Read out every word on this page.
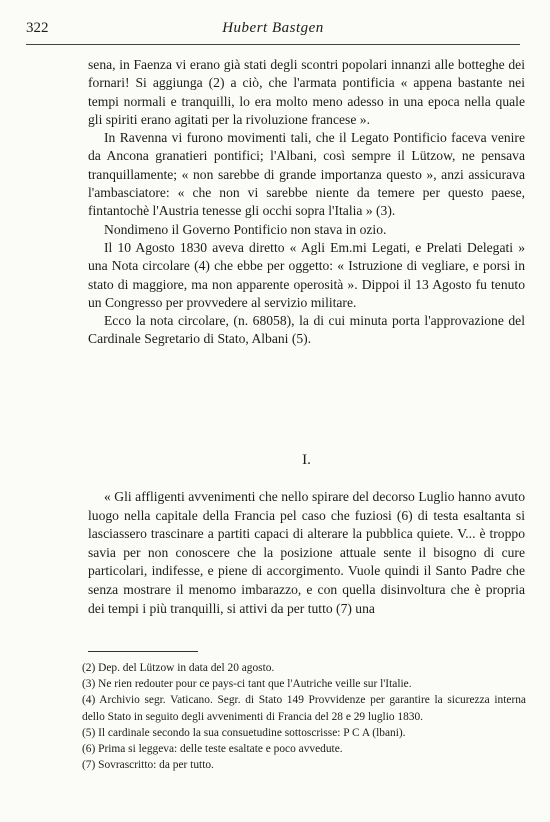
322	Hubert Bastgen

sena, in Faenza vi erano già stati degli scontri popolari innanzi alle botteghe dei fornari! Si aggiunga (2) a ciò, che l'armata pontificia « appena bastante nei tempi normali e tranquilli, lo era molto meno adesso in una epoca nella quale gli spiriti erano agitati per la rivoluzione francese ».

In Ravenna vi furono movimenti tali, che il Legato Pontificio faceva venire da Ancona granatieri pontifici; l'Albani, così sempre il Lützow, ne pensava tranquillamente; « non sarebbe di grande importanza questo », anzi assicurava l'ambasciatore: « che non vi sarebbe niente da temere per questo paese, fintantochè l'Austria tenesse gli occhi sopra l'Italia » (3).

Nondimeno il Governo Pontificio non stava in ozio.

Il 10 Agosto 1830 aveva diretto « Agli Em.mi Legati, e Prelati Delegati » una Nota circolare (4) che ebbe per oggetto: « Istruzione di vegliare, e porsi in stato di maggiore, ma non apparente operosità ». Dippoi il 13 Agosto fu tenuto un Congresso per provvedere al servizio militare.

Ecco la nota circolare, (n. 68058), la di cui minuta porta l'approvazione del Cardinale Segretario di Stato, Albani (5).

I.

« Gli affligenti avvenimenti che nello spirare del decorso Luglio hanno avuto luogo nella capitale della Francia pel caso che fuziosi (6) di testa esaltanta si lasciassero trascinare a partiti capaci di alterare la pubblica quiete. V... è troppo savia per non conoscere che la posizione attuale sente il bisogno di cure particolari, indifesse, e piene di accorgimento. Vuole quindi il Santo Padre che senza mostrare il menomo imbarazzo, e con quella disinvoltura che è propria dei tempi i più tranquilli, si attivi da per tutto (7) una

(2) Dep. del Lützow in data del 20 agosto.

(3) Ne rien redouter pour ce pays-ci tant que l'Autriche veille sur l'Italie.

(4) Archivio segr. Vaticano. Segr. di Stato 149 Provvidenze per garantire la sicurezza interna dello Stato in seguito degli avvenimenti di Francia del 28 e 29 luglio 1830.

(5) Il cardinale secondo la sua consuetudine sottoscrisse: P C A (lbani).

(6) Prima si leggeva: delle teste esaltate e poco avvedute.

(7) Sovrascritto: da per tutto.
